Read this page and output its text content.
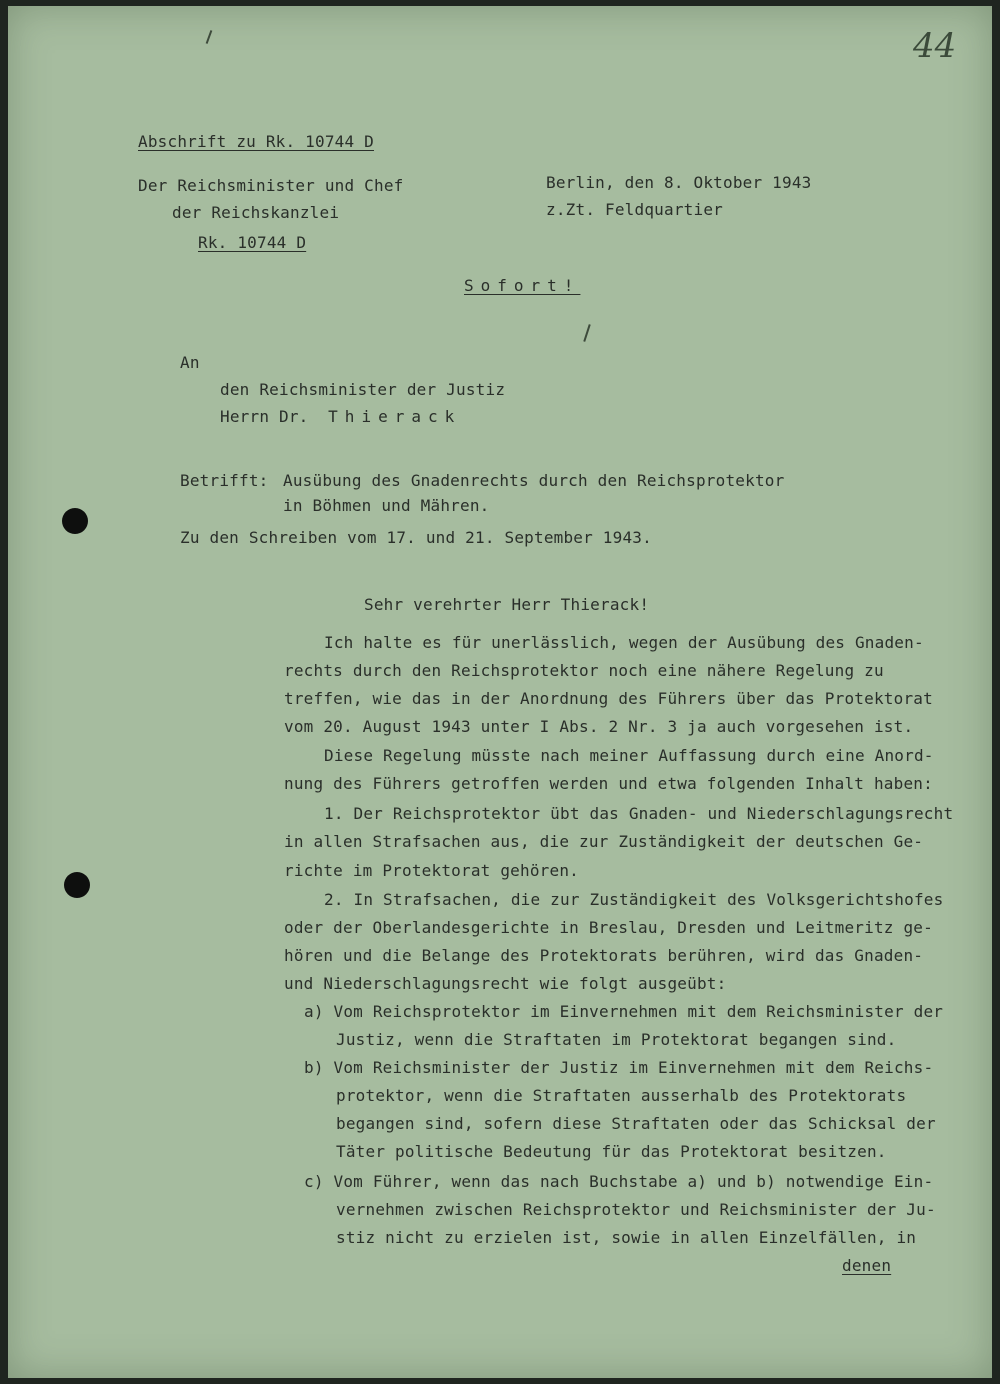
44
Abschrift zu Rk. 10744 D
Der Reichsminister und Chef
der Reichskanzlei
Rk. 10744 D
Berlin, den 8. Oktober 1943
z.Zt. Feldquartier
Sofort!
An
den Reichsminister der Justiz
Herrn Dr. Thierack
Betrifft: Ausübung des Gnadenrechts durch den Reichsprotektor
in Böhmen und Mähren.
Zu den Schreiben vom 17. und 21. September 1943.
Sehr verehrter Herr Thierack!
Ich halte es für unerlässlich, wegen der Ausübung des Gnaden-
rechts durch den Reichsprotektor noch eine nähere Regelung zu
treffen, wie das in der Anordnung des Führers über das Protektorat
vom 20. August 1943 unter I Abs. 2 Nr. 3 ja auch vorgesehen ist.
Diese Regelung müsste nach meiner Auffassung durch eine Anord-
nung des Führers getroffen werden und etwa folgenden Inhalt haben:
1. Der Reichsprotektor übt das Gnaden- und Niederschlagungsrecht
in allen Strafsachen aus, die zur Zuständigkeit der deutschen Ge-
richte im Protektorat gehören.
2. In Strafsachen, die zur Zuständigkeit des Volksgerichtshofes
oder der Oberlandesgerichte in Breslau, Dresden und Leitmeritz ge-
hören und die Belange des Protektorats berühren, wird das Gnaden-
und Niederschlagungsrecht wie folgt ausgeübt:
a) Vom Reichsprotektor im Einvernehmen mit dem Reichsminister der
Justiz, wenn die Straftaten im Protektorat begangen sind.
b) Vom Reichsminister der Justiz im Einvernehmen mit dem Reichs-
protektor, wenn die Straftaten ausserhalb des Protektorats
begangen sind, sofern diese Straftaten oder das Schicksal der
Täter politische Bedeutung für das Protektorat besitzen.
c) Vom Führer, wenn das nach Buchstabe a) und b) notwendige Ein-
vernehmen zwischen Reichsprotektor und Reichsminister der Ju-
stiz nicht zu erzielen ist, sowie in allen Einzelfällen, in
denen
